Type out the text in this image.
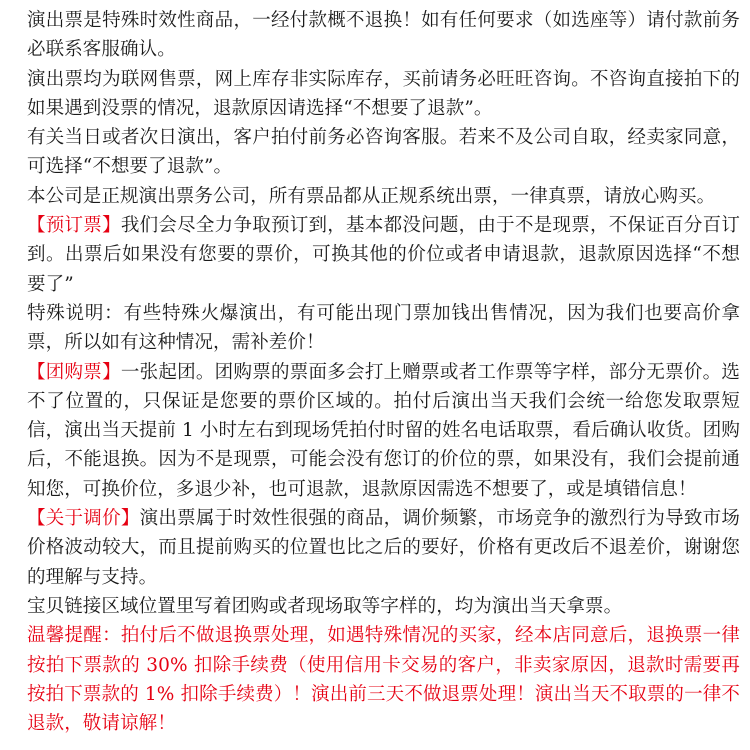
演出票是特殊时效性商品，一经付款概不退换！如有任何要求（如选座等）请付款前务必联系客服确认。

演出票均为联网售票，网上库存非实际库存，买前请务必旺旺咨询。不咨询直接拍下的如果遇到没票的情况，退款原因请选择“不想要了退款”。

有关当日或者次日演出，客户拍付前务必咨询客服。若来不及公司自取，经卖家同意，可选择“不想要了退款”。

本公司是正规演出票务公司，所有票品都从正规系统出票，一律真票，请放心购买。

【预订票】我们会尽全力争取预订到，基本都没问题，由于不是现票，不保证百分百订到。出票后如果没有您要的票价，可换其他的价位或者申请退款，退款原因选择“不想要了”

特殊说明：有些特殊火爆演出，有可能出现门票加钱出售情况，因为我们也要高价拿票，所以如有这种情况，需补差价！

【团购票】一张起团。团购票的票面多会打上赠票或者工作票等字样，部分无票价。选不了位置的，只保证是您要的票价区域的。拍付后演出当天我们会统一给您发取票短信，演出当天提前 1 小时左右到现场凭拍付时留的姓名电话取票，看后确认收货。团购后，不能退换。因为不是现票，可能会没有您订的价位的票，如果没有，我们会提前通知您，可换价位，多退少补，也可退款，退款原因需选不想要了，或是填错信息！

【关于调价】演出票属于时效性很强的商品，调价频繁，市场竞争的激烈行为导致市场价格波动较大，而且提前购买的位置也比之后的要好，价格有更改后不退差价，谢谢您的理解与支持。

宝贝链接区域位置里写着团购或者现场取等字样的，均为演出当天拿票。

温馨提醒：拍付后不做退换票处理，如遇特殊情况的买家，经本店同意后，退换票一律按拍下票款的 30% 扣除手续费（使用信用卡交易的客户，非卖家原因，退款时需要再按拍下票款的 1% 扣除手续费）！演出前三天不做退票处理！演出当天不取票的一律不退款，敬请谅解！
